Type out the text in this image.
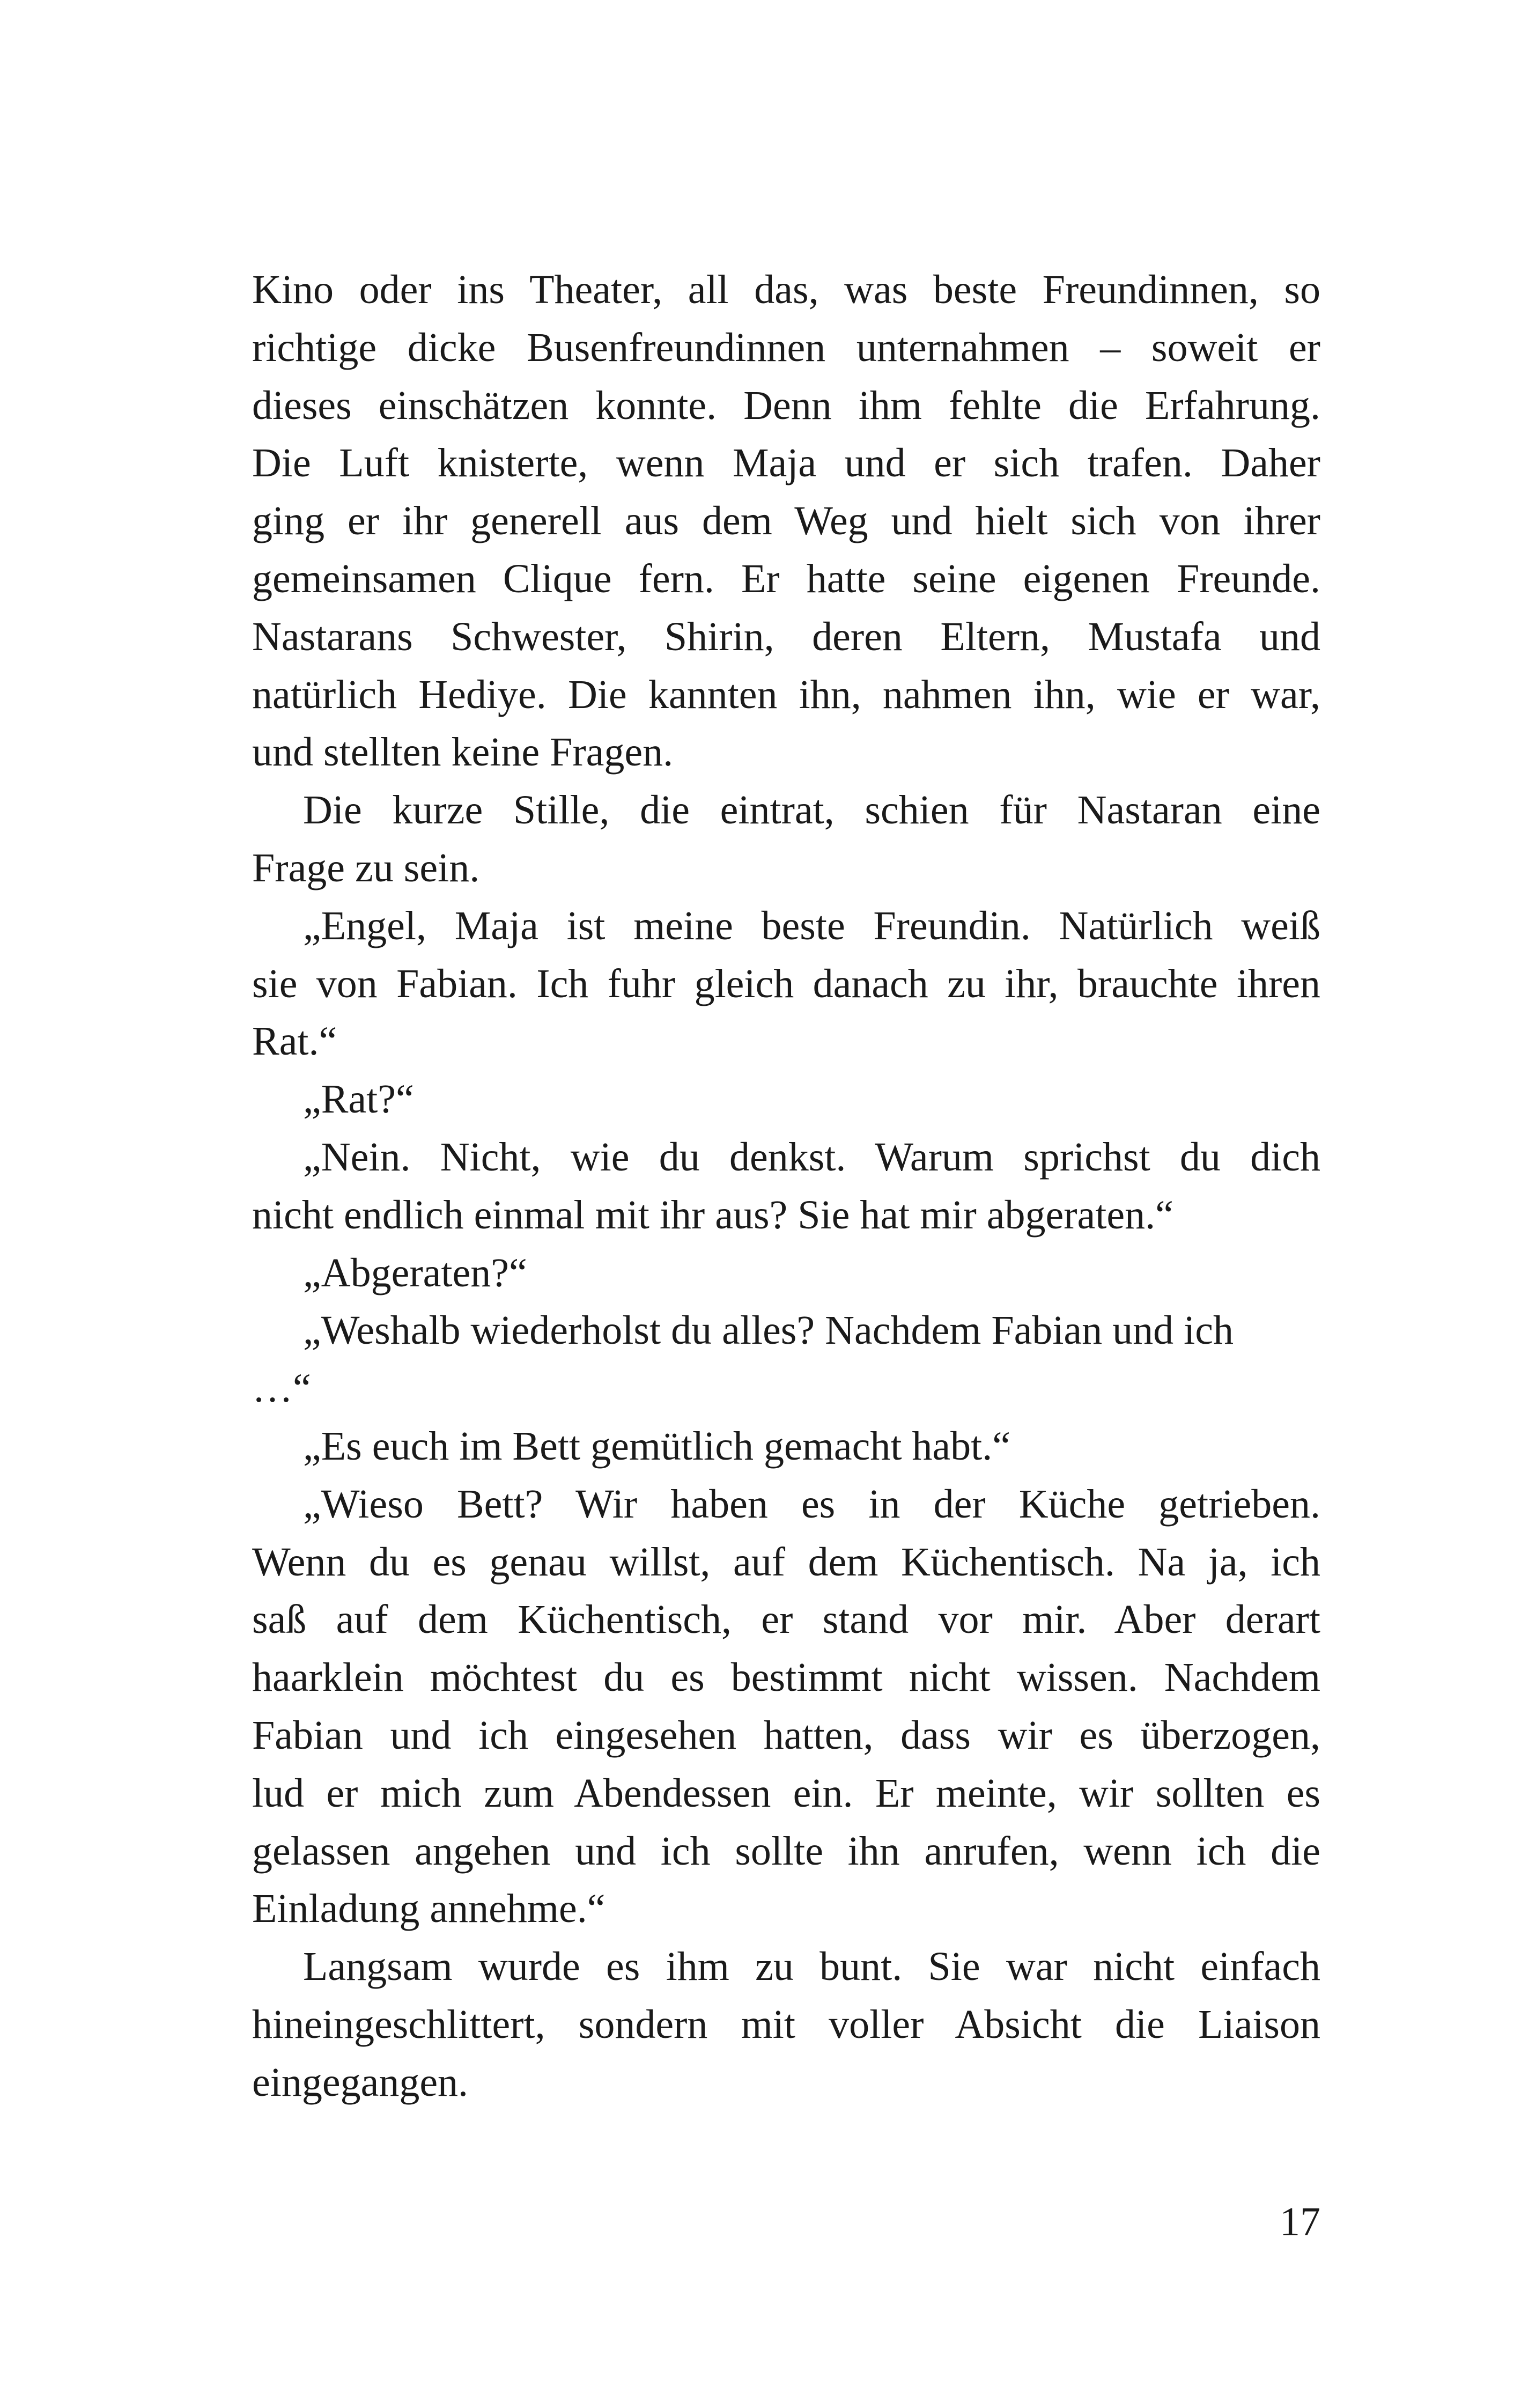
Kino oder ins Theater, all das, was beste Freundinnen, so
richtige dicke Busenfreundinnen unternahmen – soweit er
dieses einschätzen konnte. Denn ihm fehlte die Erfahrung.
Die Luft knisterte, wenn Maja und er sich trafen. Daher
ging er ihr generell aus dem Weg und hielt sich von ihrer
gemeinsamen Clique fern. Er hatte seine eigenen Freunde.
Nastarans Schwester, Shirin, deren Eltern, Mustafa und
natürlich Hediye. Die kannten ihn, nahmen ihn, wie er war,
und stellten keine Fragen.
Die kurze Stille, die eintrat, schien für Nastaran eine
Frage zu sein.
„Engel, Maja ist meine beste Freundin. Natürlich weiß
sie von Fabian. Ich fuhr gleich danach zu ihr, brauchte ihren
Rat.“
„Rat?“
„Nein. Nicht, wie du denkst. Warum sprichst du dich
nicht endlich einmal mit ihr aus? Sie hat mir abgeraten.“
„Abgeraten?“
„Weshalb wiederholst du alles? Nachdem Fabian und ich
…“
„Es euch im Bett gemütlich gemacht habt.“
„Wieso Bett? Wir haben es in der Küche getrieben.
Wenn du es genau willst, auf dem Küchentisch. Na ja, ich
saß auf dem Küchentisch, er stand vor mir. Aber derart
haarklein möchtest du es bestimmt nicht wissen. Nachdem
Fabian und ich eingesehen hatten, dass wir es überzogen,
lud er mich zum Abendessen ein. Er meinte, wir sollten es
gelassen angehen und ich sollte ihn anrufen, wenn ich die
Einladung annehme.“
Langsam wurde es ihm zu bunt. Sie war nicht einfach
hineingeschlittert, sondern mit voller Absicht die Liaison
eingegangen.
17
